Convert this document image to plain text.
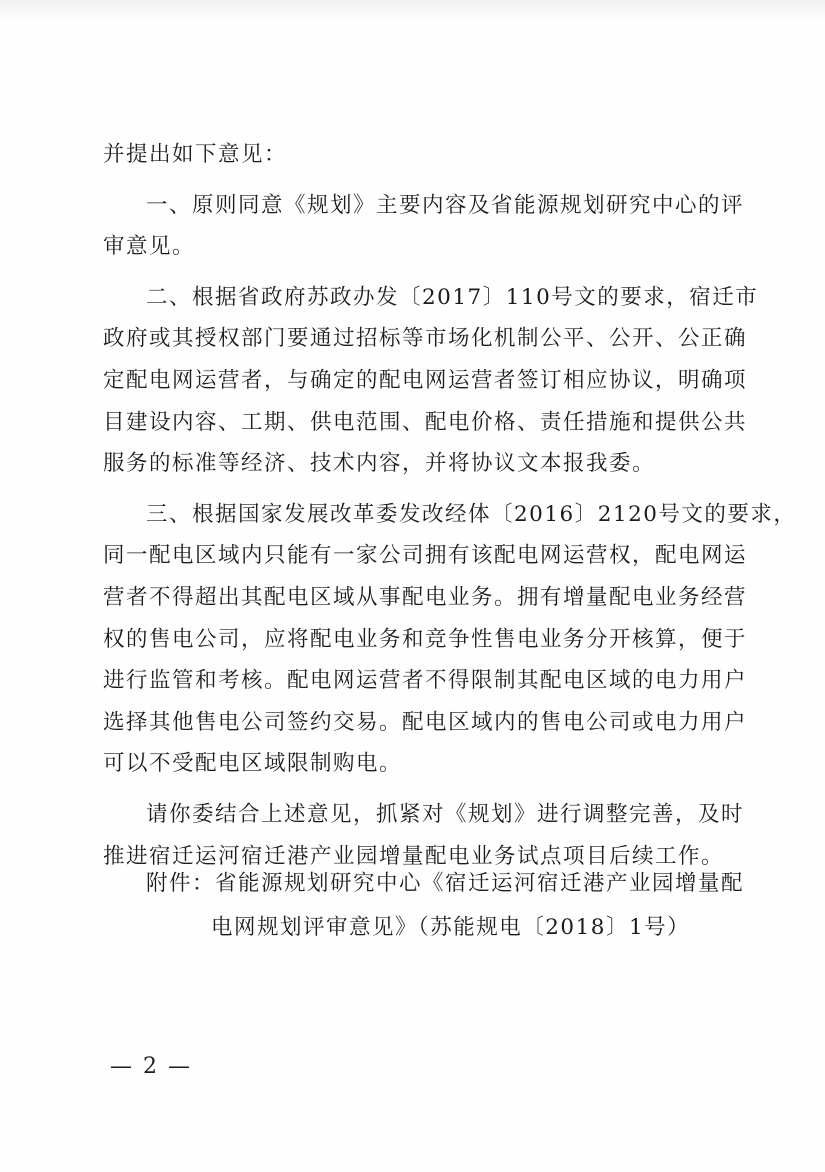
并提出如下意见：
一、原则同意《规划》主要内容及省能源规划研究中心的评
审意见。
二、根据省政府苏政办发〔2017〕110号文的要求，宿迁市
政府或其授权部门要通过招标等市场化机制公平、公开、公正确
定配电网运营者，与确定的配电网运营者签订相应协议，明确项
目建设内容、工期、供电范围、配电价格、责任措施和提供公共
服务的标准等经济、技术内容，并将协议文本报我委。
三、根据国家发展改革委发改经体〔2016〕2120号文的要求，
同一配电区域内只能有一家公司拥有该配电网运营权，配电网运
营者不得超出其配电区域从事配电业务。拥有增量配电业务经营
权的售电公司，应将配电业务和竞争性售电业务分开核算，便于
进行监管和考核。配电网运营者不得限制其配电区域的电力用户
选择其他售电公司签约交易。配电区域内的售电公司或电力用户
可以不受配电区域限制购电。
请你委结合上述意见，抓紧对《规划》进行调整完善，及时
推进宿迁运河宿迁港产业园增量配电业务试点项目后续工作。
附件：省能源规划研究中心《宿迁运河宿迁港产业园增量配
电网规划评审意见》（苏能规电〔2018〕1号）
— 2 —
